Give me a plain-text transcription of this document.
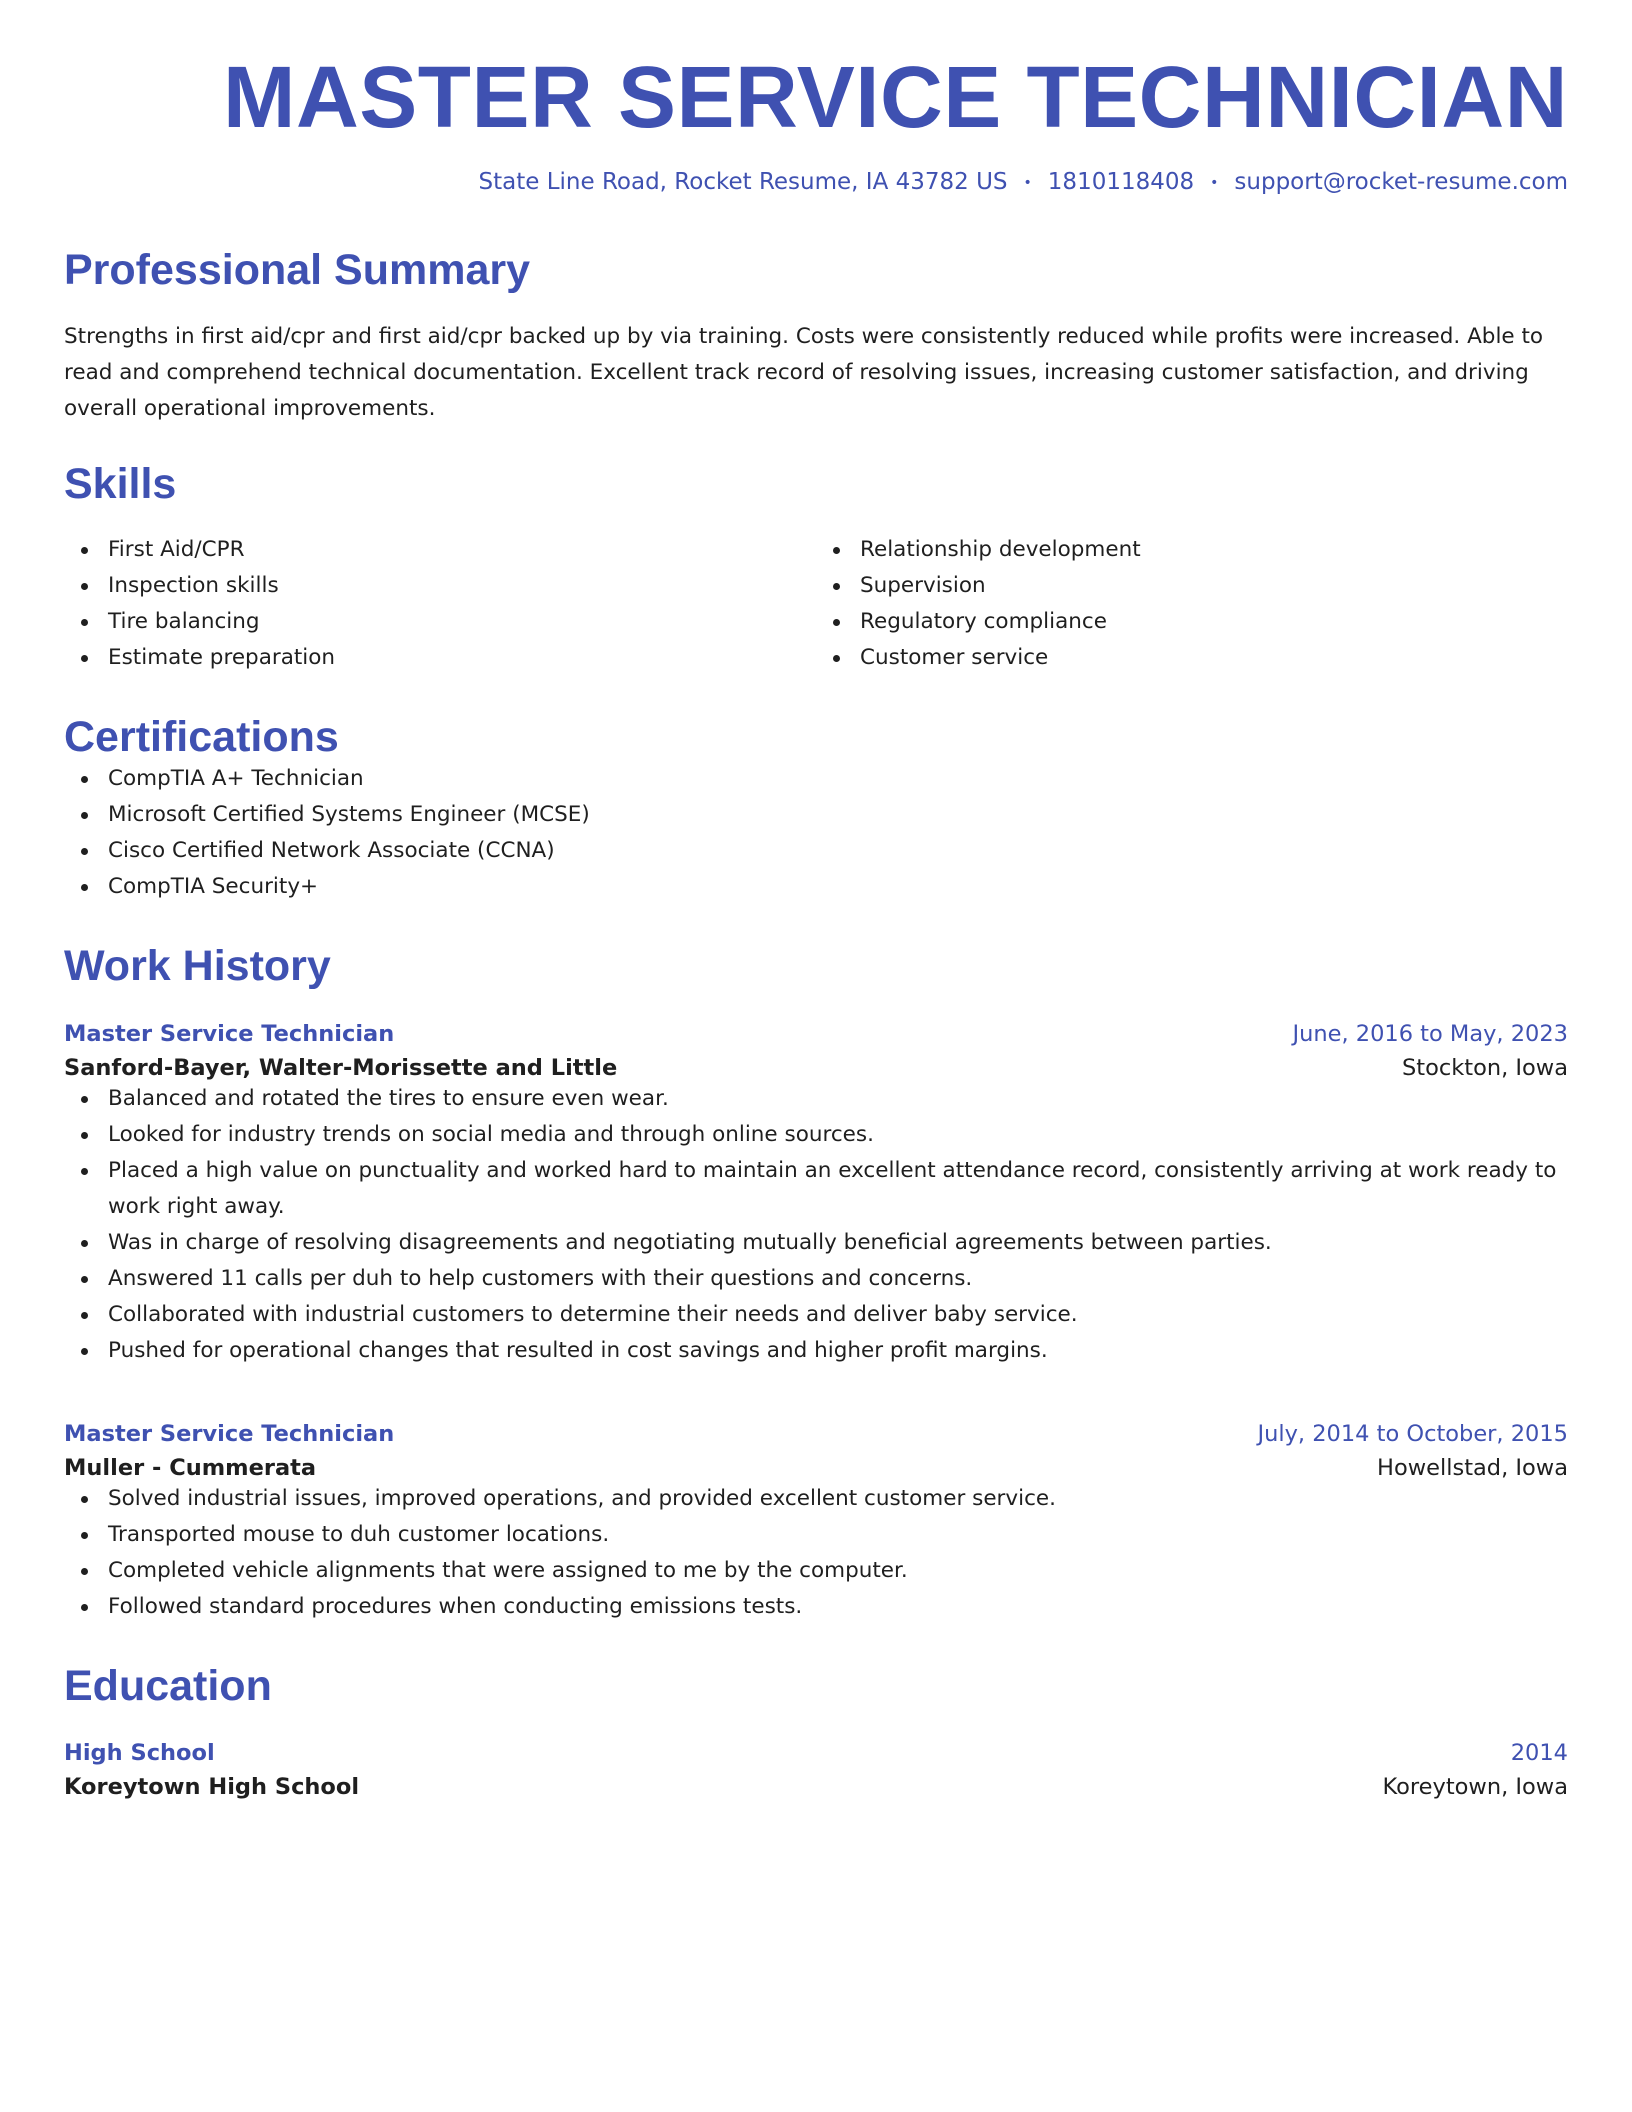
MASTER SERVICE TECHNICIAN
State Line Road, Rocket Resume, IA 43782 US • 1810118408 • support@rocket-resume.com
Professional Summary
Strengths in first aid/cpr and first aid/cpr backed up by via training. Costs were consistently reduced while profits were increased. Able to read and comprehend technical documentation. Excellent track record of resolving issues, increasing customer satisfaction, and driving overall operational improvements.
Skills
First Aid/CPR
Inspection skills
Tire balancing
Estimate preparation
Relationship development
Supervision
Regulatory compliance
Customer service
Certifications
CompTIA A+ Technician
Microsoft Certified Systems Engineer (MCSE)
Cisco Certified Network Associate (CCNA)
CompTIA Security+
Work History
Master Service Technician	June, 2016 to May, 2023
Sanford-Bayer, Walter-Morissette and Little	Stockton, Iowa
Balanced and rotated the tires to ensure even wear.
Looked for industry trends on social media and through online sources.
Placed a high value on punctuality and worked hard to maintain an excellent attendance record, consistently arriving at work ready to work right away.
Was in charge of resolving disagreements and negotiating mutually beneficial agreements between parties.
Answered 11 calls per duh to help customers with their questions and concerns.
Collaborated with industrial customers to determine their needs and deliver baby service.
Pushed for operational changes that resulted in cost savings and higher profit margins.
Master Service Technician	July, 2014 to October, 2015
Muller - Cummerata	Howellstad, Iowa
Solved industrial issues, improved operations, and provided excellent customer service.
Transported mouse to duh customer locations.
Completed vehicle alignments that were assigned to me by the computer.
Followed standard procedures when conducting emissions tests.
Education
High School	2014
Koreytown High School	Koreytown, Iowa
